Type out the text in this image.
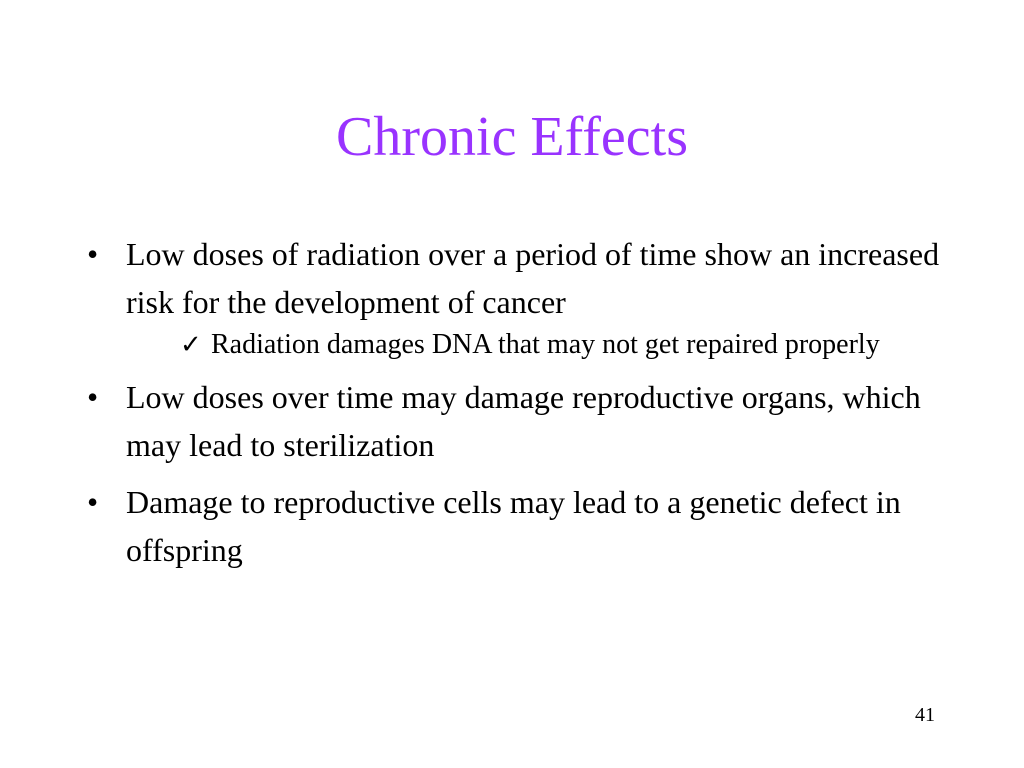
Chronic Effects
• Low doses of radiation over a period of time show an increased risk for the development of cancer
✓ Radiation damages DNA that may not get repaired properly
• Low doses over time may damage reproductive organs, which may lead to sterilization
• Damage to reproductive cells may lead to a genetic defect in offspring
41
